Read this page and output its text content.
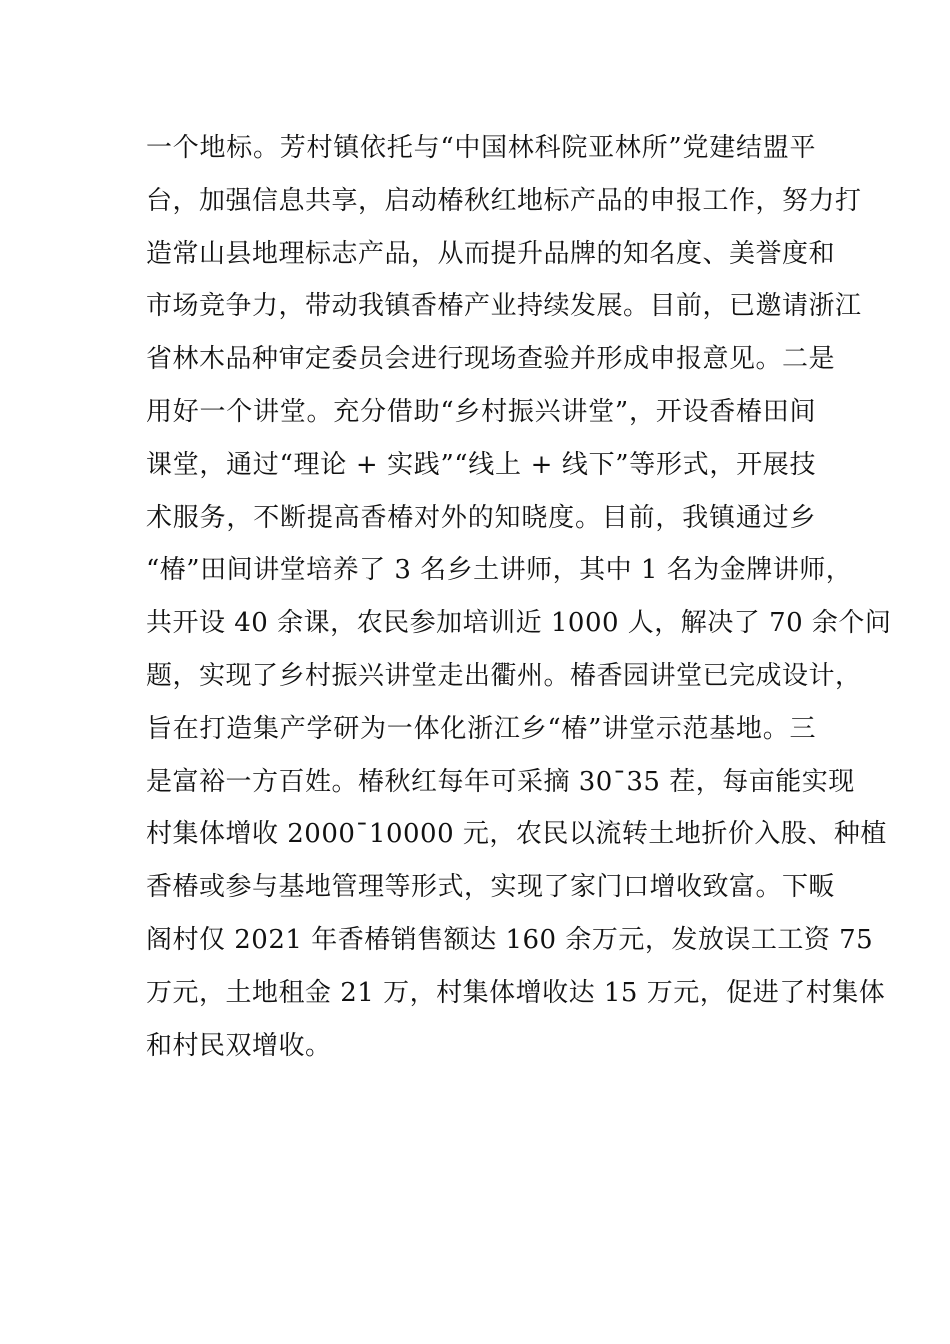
一个地标。芳村镇依托与“中国林科院亚林所”党建结盟平
台，加强信息共享，启动椿秋红地标产品的申报工作，努力打
造常山县地理标志产品，从而提升品牌的知名度、美誉度和
市场竞争力，带动我镇香椿产业持续发展。目前，已邀请浙江
省林木品种审定委员会进行现场查验并形成申报意见。二是
用好一个讲堂。充分借助“乡村振兴讲堂”，开设香椿田间
课堂，通过“理论 + 实践”“线上 + 线下”等形式，开展技
术服务，不断提高香椿对外的知晓度。目前，我镇通过乡
“椿”田间讲堂培养了 3 名乡土讲师，其中 1 名为金牌讲师，
共开设 40 余课，农民参加培训近 1000 人，解决了 70 余个问
题，实现了乡村振兴讲堂走出衢州。椿香园讲堂已完成设计，
旨在打造集产学研为一体化浙江乡“椿”讲堂示范基地。三
是富裕一方百姓。椿秋红每年可采摘 30¯35 茬，每亩能实现
村集体增收 2000¯10000 元，农民以流转土地折价入股、种植
香椿或参与基地管理等形式，实现了家门口增收致富。下畈
阁村仅 2021 年香椿销售额达 160 余万元，发放误工工资 75
万元，土地租金 21 万，村集体增收达 15 万元，促进了村集体
和村民双增收。
